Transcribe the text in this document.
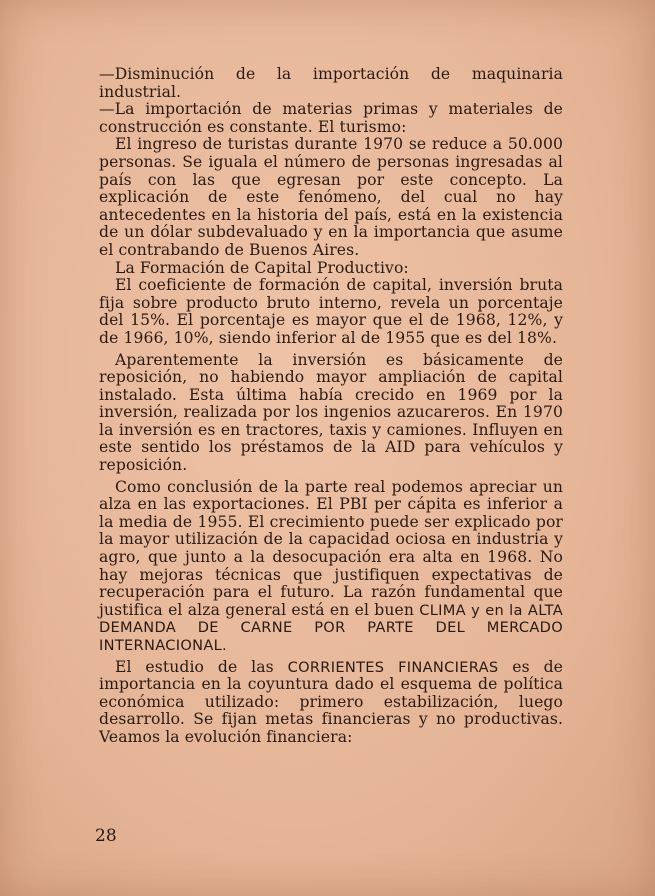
—Disminución de la importación de maquinaria industrial.

—La importación de materias primas y materiales de construcción es constante. El turismo:

El ingreso de turistas durante 1970 se reduce a 50.000 personas. Se iguala el número de personas ingresadas al país con las que egresan por este concepto. La explicación de este fenómeno, del cual no hay antecedentes en la historia del país, está en la existencia de un dólar subdevaluado y en la importancia que asume el contrabando de Buenos Aires.

La Formación de Capital Productivo:

El coeficiente de formación de capital, inversión bruta fija sobre producto bruto interno, revela un porcentaje del 15%. El porcentaje es mayor que el de 1968, 12%, y de 1966, 10%, siendo inferior al de 1955 que es del 18%.

Aparentemente la inversión es básicamente de reposición, no habiendo mayor ampliación de capital instalado. Esta última había crecido en 1969 por la inversión, realizada por los ingenios azucareros. En 1970 la inversión es en tractores, taxis y camiones. Influyen en este sentido los préstamos de la AID para vehículos y reposición.

Como conclusión de la parte real podemos apreciar un alza en las exportaciones. El PBI per cápita es inferior a la media de 1955. El crecimiento puede ser explicado por la mayor utilización de la capacidad ociosa en industria y agro, que junto a la desocupación era alta en 1968. No hay mejoras técnicas que justifiquen expectativas de recuperación para el futuro. La razón fundamental que justifica el alza general está en el buen CLIMA y en la ALTA DEMANDA DE CARNE POR PARTE DEL MERCADO INTERNACIONAL.

El estudio de las CORRIENTES FINANCIERAS es de importancia en la coyuntura dado el esquema de política económica utilizado: primero estabilización, luego desarrollo. Se fijan metas financieras y no productivas. Veamos la evolución financiera:

28
